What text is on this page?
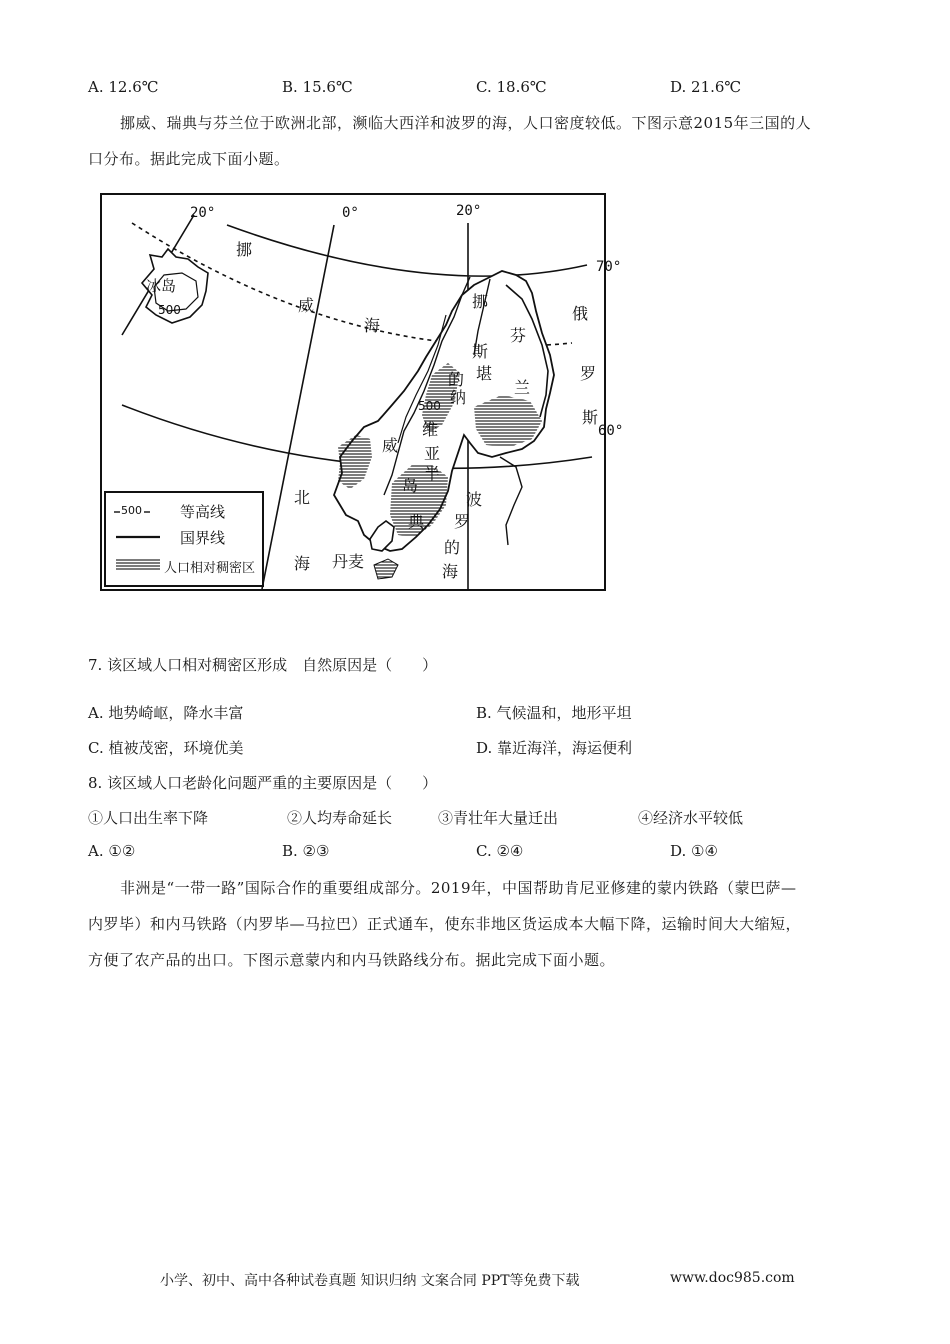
A. 12.6℃	B. 15.6℃	C. 18.6℃	D. 21.6℃
挪威、瑞典与芬兰位于欧洲北部，濒临大西洋和波罗的海，人口密度较低。下图示意2015年三国的人
口分布。据此完成下面小题。
20°	0°	20°
70°
60°
冰岛
500
挪
威
海
挪
斯
堪
的
纳
500
维
亚
半
岛
威
典
芬
兰
俄
罗
斯
波
罗
的
海
北
海 丹麦
500	等高线
国界线
人口相对稠密区
7. 该区域人口相对稠密区形成　自然原因是（　　）
A. 地势崎岖，降水丰富	B. 气候温和，地形平坦
C. 植被茂密，环境优美	D. 靠近海洋，海运便利
8. 该区域人口老龄化问题严重的主要原因是（　　）
①人口出生率下降	②人均寿命延长	③青壮年大量迁出	④经济水平较低
A. ①②	B. ②③	C. ②④	D. ①④
非洲是“一带一路”国际合作的重要组成部分。2019年，中国帮助肯尼亚修建的蒙内铁路（蒙巴萨—
内罗毕）和内马铁路（内罗毕—马拉巴）正式通车，使东非地区货运成本大幅下降，运输时间大大缩短，
方便了农产品的出口。下图示意蒙内和内马铁路线分布。据此完成下面小题。
小学、初中、高中各种试卷真题 知识归纳 文案合同 PPT等免费下载	www.doc985.com
